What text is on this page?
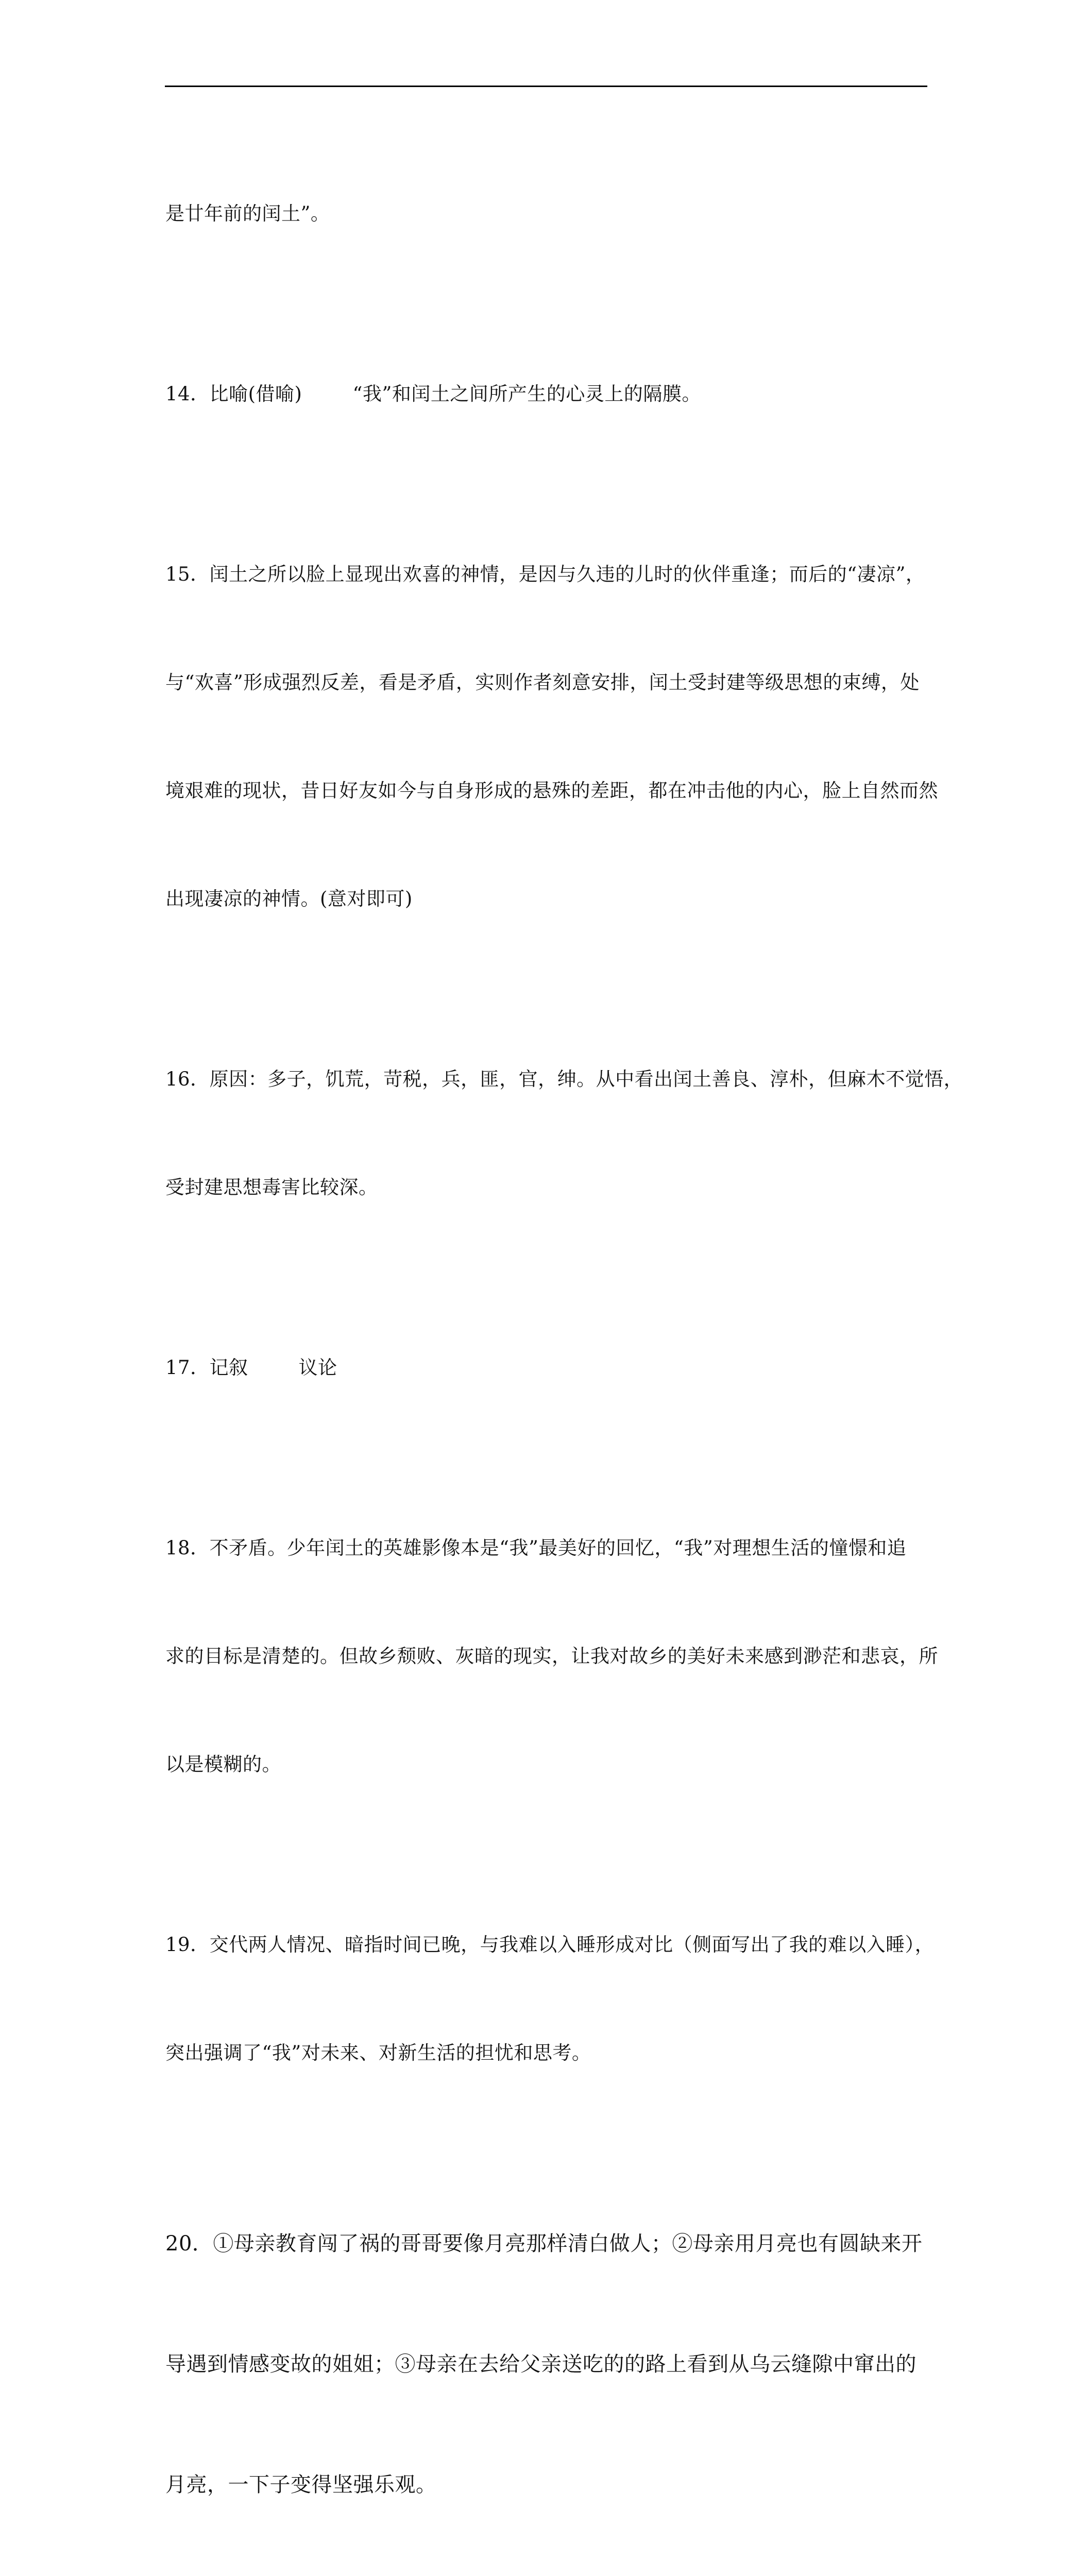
是廿年前的闰土”。

14．比喻(借喻)        “我”和闰土之间所产生的心灵上的隔膜。

15．闰土之所以脸上显现出欢喜的神情，是因与久违的儿时的伙伴重逢；而后的“凄凉”，

与“欢喜”形成强烈反差，看是矛盾，实则作者刻意安排，闰土受封建等级思想的束缚，处

境艰难的现状，昔日好友如今与自身形成的悬殊的差距，都在冲击他的内心，脸上自然而然

出现凄凉的神情。(意对即可)

16．原因：多子，饥荒，苛税，兵，匪，官，绅。从中看出闰土善良、淳朴，但麻木不觉悟，

受封建思想毒害比较深。

17．记叙        议论

18．不矛盾。少年闰土的英雄影像本是“我”最美好的回忆，“我”对理想生活的憧憬和追

求的目标是清楚的。但故乡颓败、灰暗的现实，让我对故乡的美好未来感到渺茫和悲哀，所

以是模糊的。

19．交代两人情况、暗指时间已晚，与我难以入睡形成对比（侧面写出了我的难以入睡），

突出强调了“我”对未来、对新生活的担忧和思考。

20．①母亲教育闯了祸的哥哥要像月亮那样清白做人；②母亲用月亮也有圆缺来开

导遇到情感变故的姐姐；③母亲在去给父亲送吃的的路上看到从乌云缝隙中窜出的

月亮，一下子变得坚强乐观。
